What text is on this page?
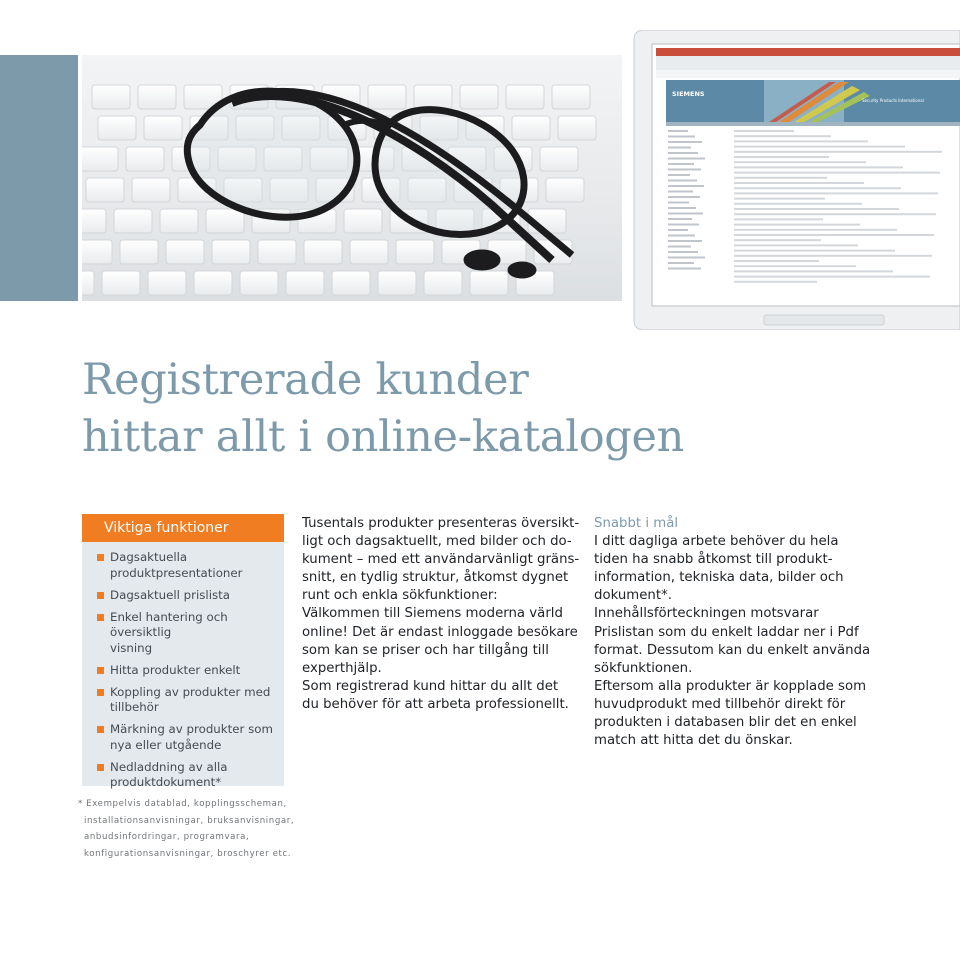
SIEMENS
Security Products International
Registrerade kunder
hittar allt i online-katalogen
Viktiga funktioner
Dagsaktuella
produktpresentationer
Dagsaktuell prislista
Enkel hantering och översiktlig
visning
Hitta produkter enkelt
Koppling av produkter med
tillbehör
Märkning av produkter som
nya eller utgående
Nedladdning av alla
produktdokument*
* Exempelvis datablad, kopplingsscheman,
installationsanvisningar, bruksanvisningar,
anbudsinfordringar, programvara,
konfigurationsanvisningar, broschyrer etc.
Tusentals produkter presenteras översikt-
ligt och dagsaktuellt, med bilder och do-
kument – med ett användarvänligt gräns-
snitt, en tydlig struktur, åtkomst dygnet
runt och enkla sökfunktioner:
Välkommen till Siemens moderna värld
online! Det är endast inloggade besökare
som kan se priser och har tillgång till
experthjälp.
Som registrerad kund hittar du allt det
du behöver för att arbeta professionellt.
Snabbt i mål
I ditt dagliga arbete behöver du hela
tiden ha snabb åtkomst till produkt-
information, tekniska data, bilder och
dokument*.
Innehållsförteckningen motsvarar
Prislistan som du enkelt laddar ner i Pdf
format. Dessutom kan du enkelt använda
sökfunktionen.
Eftersom alla produkter är kopplade som
huvudprodukt med tillbehör direkt för
produkten i databasen blir det en enkel
match att hitta det du önskar.
